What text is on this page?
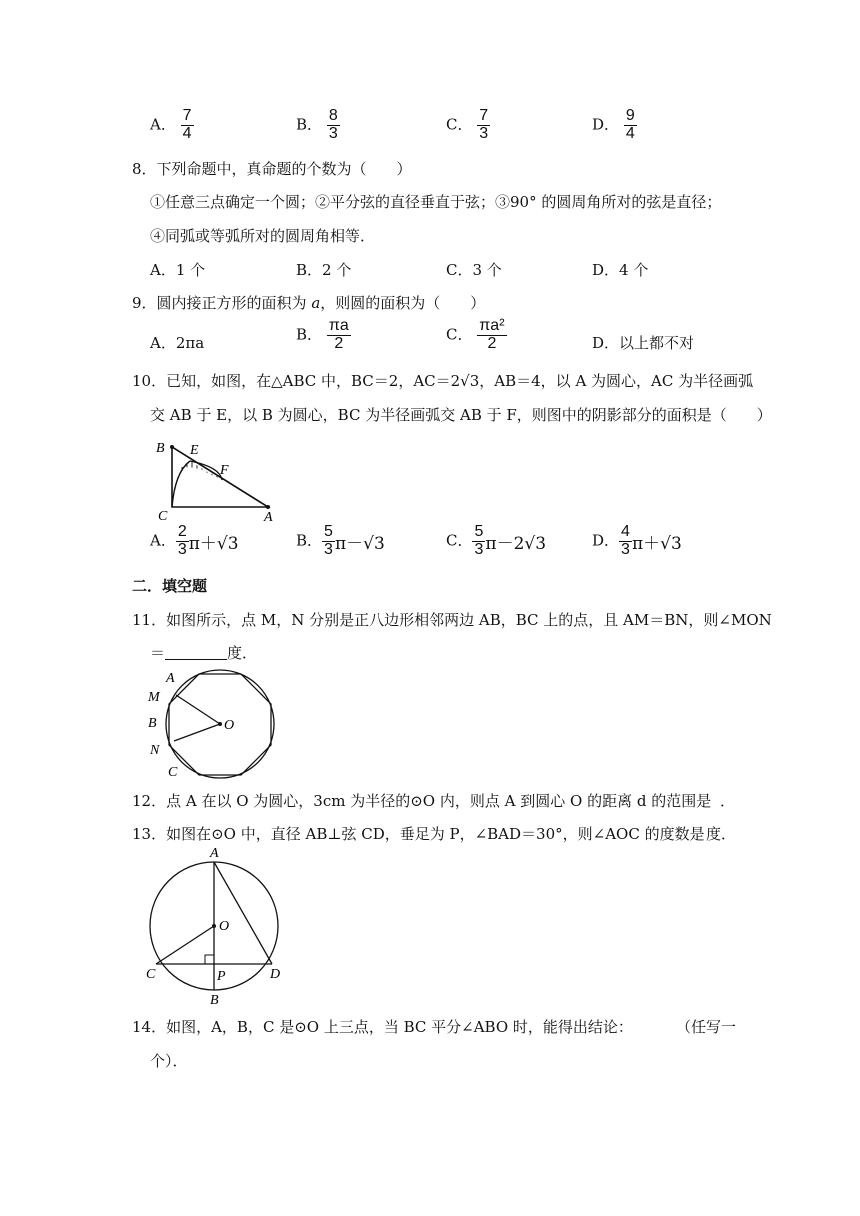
A． $\frac{7}{4}$	B． $\frac{8}{3}$	C． $\frac{7}{3}$	D． $\frac{9}{4}$
8．下列命题中，真命题的个数为（　　）
①任意三点确定一个圆；②平分弦的直径垂直于弦；③90° 的圆周角所对的弦是直径；
④同弧或等弧所对的圆周角相等．
A．1 个	B．2 个	C．3 个	D．4 个
9．圆内接正方形的面积为 a，则圆的面积为（　　）
A．2πa	B． $\frac{\pi a}{2}$	C． $\frac{\text{πa²}}{2}$	D．以上都不对
10．已知，如图，在△ABC 中，BC＝2，AC＝2√3，AB＝4，以 A 为圆心，AC 为半径画弧
交 AB 于 E，以 B 为圆心，BC 为半径画弧交 AB 于 F，则图中的阴影部分的面积是（　　）
B E
F
C	A
A． $\frac{2}{3} \pi+√3$	B． $\frac{5}{3} \pi-√3$	C． $\frac{5}{3} \pi-2√3$	D． $\frac{4}{3} \pi+√3$
二．填空题
11．如图所示，点 M，N 分别是正八边形相邻两边 AB，BC 上的点，且 AM＝BN，则∠MON
＝	度．
A
M
B
N
C
O
12．点 A 在以 O 为圆心，3cm 为半径的⊙O 内，则点 A 到圆心 O 的距离 d 的范围是 ．
13．如图在⊙O 中，直径 AB⊥弦 CD，垂足为 P，∠BAD＝30°，则∠AOC 的度数是 度．
A
O
C	P	D
B
14．如图，A，B，C 是⊙O 上三点，当 BC 平分∠ABO 时，能得出结论：	（任写一
个）．
